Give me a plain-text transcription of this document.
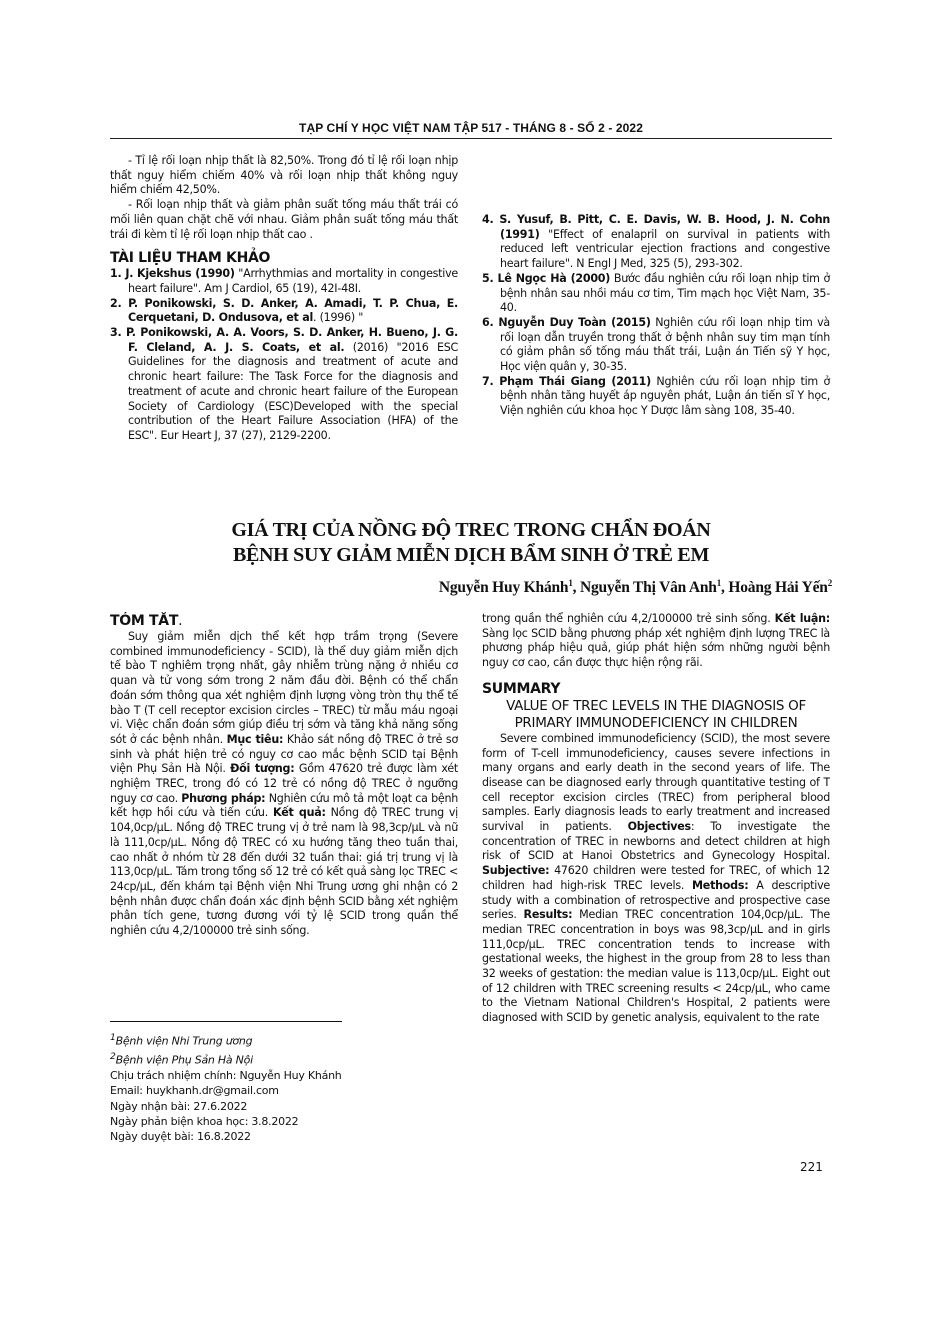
TẠP CHÍ Y HỌC VIỆT NAM TẬP 517 - THÁNG 8 - SỐ 2 - 2022

- Tỉ lệ rối loạn nhịp thất là 82,50%. Trong đó tỉ lệ rối loạn nhịp thất nguy hiểm chiếm 40% và rối loạn nhịp thất không nguy hiểm chiếm 42,50%.

- Rối loạn nhịp thất và giảm phân suất tống máu thất trái có mối liên quan chặt chẽ với nhau. Giảm phân suất tống máu thất trái đi kèm tỉ lệ rối loạn nhịp thất cao .

TÀI LIỆU THAM KHẢO

1. J. Kjekshus (1990) "Arrhythmias and mortality in congestive heart failure". Am J Cardiol, 65 (19), 42I-48I.

2. P. Ponikowski, S. D. Anker, A. Amadi, T. P. Chua, E. Cerquetani, D. Ondusova, et al. (1996) "

3. P. Ponikowski, A. A. Voors, S. D. Anker, H. Bueno, J. G. F. Cleland, A. J. S. Coats, et al. (2016) "2016 ESC Guidelines for the diagnosis and treatment of acute and chronic heart failure: The Task Force for the diagnosis and treatment of acute and chronic heart failure of the European Society of Cardiology (ESC)Developed with the special contribution of the Heart Failure Association (HFA) of the ESC". Eur Heart J, 37 (27), 2129-2200.

4. S. Yusuf, B. Pitt, C. E. Davis, W. B. Hood, J. N. Cohn (1991) "Effect of enalapril on survival in patients with reduced left ventricular ejection fractions and congestive heart failure". N Engl J Med, 325 (5), 293-302.

5. Lê Ngọc Hà (2000) Bước đầu nghiên cứu rối loạn nhịp tim ở bệnh nhân sau nhồi máu cơ tim, Tim mạch học Việt Nam, 35-40.

6. Nguyễn Duy Toàn (2015) Nghiên cứu rối loạn nhịp tim và rối loạn dẫn truyền trong thất ở bệnh nhân suy tim mạn tính có giảm phân số tống máu thất trái, Luận án Tiến sỹ Y học, Học viện quân y, 30-35.

7. Phạm Thái Giang (2011) Nghiên cứu rối loạn nhịp tim ở bệnh nhân tăng huyết áp nguyên phát, Luận án tiến sĩ Y học, Viện nghiên cứu khoa học Y Dược lâm sàng 108, 35-40.

GIÁ TRỊ CỦA NỒNG ĐỘ TREC TRONG CHẨN ĐOÁN
BỆNH SUY GIẢM MIỄN DỊCH BẨM SINH Ở TRẺ EM
Nguyễn Huy Khánh$^1$, Nguyễn Thị Vân Anh$^1$, Hoàng Hải Yến$^2$

TÓM TẮT.

Suy giảm miễn dịch thể kết hợp trầm trọng (Severe combined immunodeficiency - SCID), là thể duy giảm miễn dịch tế bào T nghiêm trọng nhất, gây nhiễm trùng nặng ở nhiều cơ quan và tử vong sớm trong 2 năm đầu đời. Bệnh có thể chẩn đoán sớm thông qua xét nghiệm định lượng vòng tròn thụ thể tế bào T (T cell receptor excision circles – TREC) từ mẫu máu ngoại vi. Việc chẩn đoán sớm giúp điều trị sớm và tăng khả năng sống sót ở các bệnh nhân. Mục tiêu: Khảo sát nồng độ TREC ở trẻ sơ sinh và phát hiện trẻ có nguy cơ cao mắc bệnh SCID tại Bệnh viện Phụ Sản Hà Nội. Đối tượng: Gồm 47620 trẻ được làm xét nghiệm TREC, trong đó có 12 trẻ có nồng độ TREC ở ngưỡng nguy cơ cao. Phương pháp: Nghiên cứu mô tả một loạt ca bệnh kết hợp hồi cứu và tiến cứu. Kết quả: Nồng độ TREC trung vị 104,0cp/µL. Nồng độ TREC trung vị ở trẻ nam là 98,3cp/µL và nữ là 111,0cp/µL. Nồng độ TREC có xu hướng tăng theo tuần thai, cao nhất ở nhóm từ 28 đến dưới 32 tuần thai: giá trị trung vị là 113,0cp/µL. Tám trong tổng số 12 trẻ có kết quả sàng lọc TREC < 24cp/µL, đến khám tại Bệnh viện Nhi Trung ương ghi nhận có 2 bệnh nhân được chẩn đoán xác định bệnh SCID bằng xét nghiệm phân tích gene, tương đương với tỷ lệ SCID trong quần thể nghiên cứu 4,2/100000 trẻ sinh sống.

trong quần thể nghiên cứu 4,2/100000 trẻ sinh sống. Kết luận: Sàng lọc SCID bằng phương pháp xét nghiệm định lượng TREC là phương pháp hiệu quả, giúp phát hiện sớm những người bệnh nguy cơ cao, cần được thực hiện rộng rãi.

SUMMARY

VALUE OF TREC LEVELS IN THE DIAGNOSIS OF PRIMARY IMMUNODEFICIENCY IN CHILDREN

Severe combined immunodeficiency (SCID), the most severe form of T-cell immunodeficiency, causes severe infections in many organs and early death in the second years of life. The disease can be diagnosed early through quantitative testing of T cell receptor excision circles (TREC) from peripheral blood samples. Early diagnosis leads to early treatment and increased survival in patients. Objectives: To investigate the concentration of TREC in newborns and detect children at high risk of SCID at Hanoi Obstetrics and Gynecology Hospital. Subjective: 47620 children were tested for TREC, of which 12 children had high-risk TREC levels. Methods: A descriptive study with a combination of retrospective and prospective case series. Results: Median TREC concentration 104,0cp/µL. The median TREC concentration in boys was 98,3cp/µL and in girls 111,0cp/µL. TREC concentration tends to increase with gestational weeks, the highest in the group from 28 to less than 32 weeks of gestation: the median value is 113,0cp/µL. Eight out of 12 children with TREC screening results < 24cp/µL, who came to the Vietnam National Children's Hospital, 2 patients were diagnosed with SCID by genetic analysis, equivalent to the rate

$^1$Bệnh viện Nhi Trung ương

$^2$Bệnh viện Phụ Sản Hà Nội

Chịu trách nhiệm chính: Nguyễn Huy Khánh

Email: huykhanh.dr@gmail.com

Ngày nhận bài: 27.6.2022

Ngày phản biện khoa học: 3.8.2022

Ngày duyệt bài: 16.8.2022

221
